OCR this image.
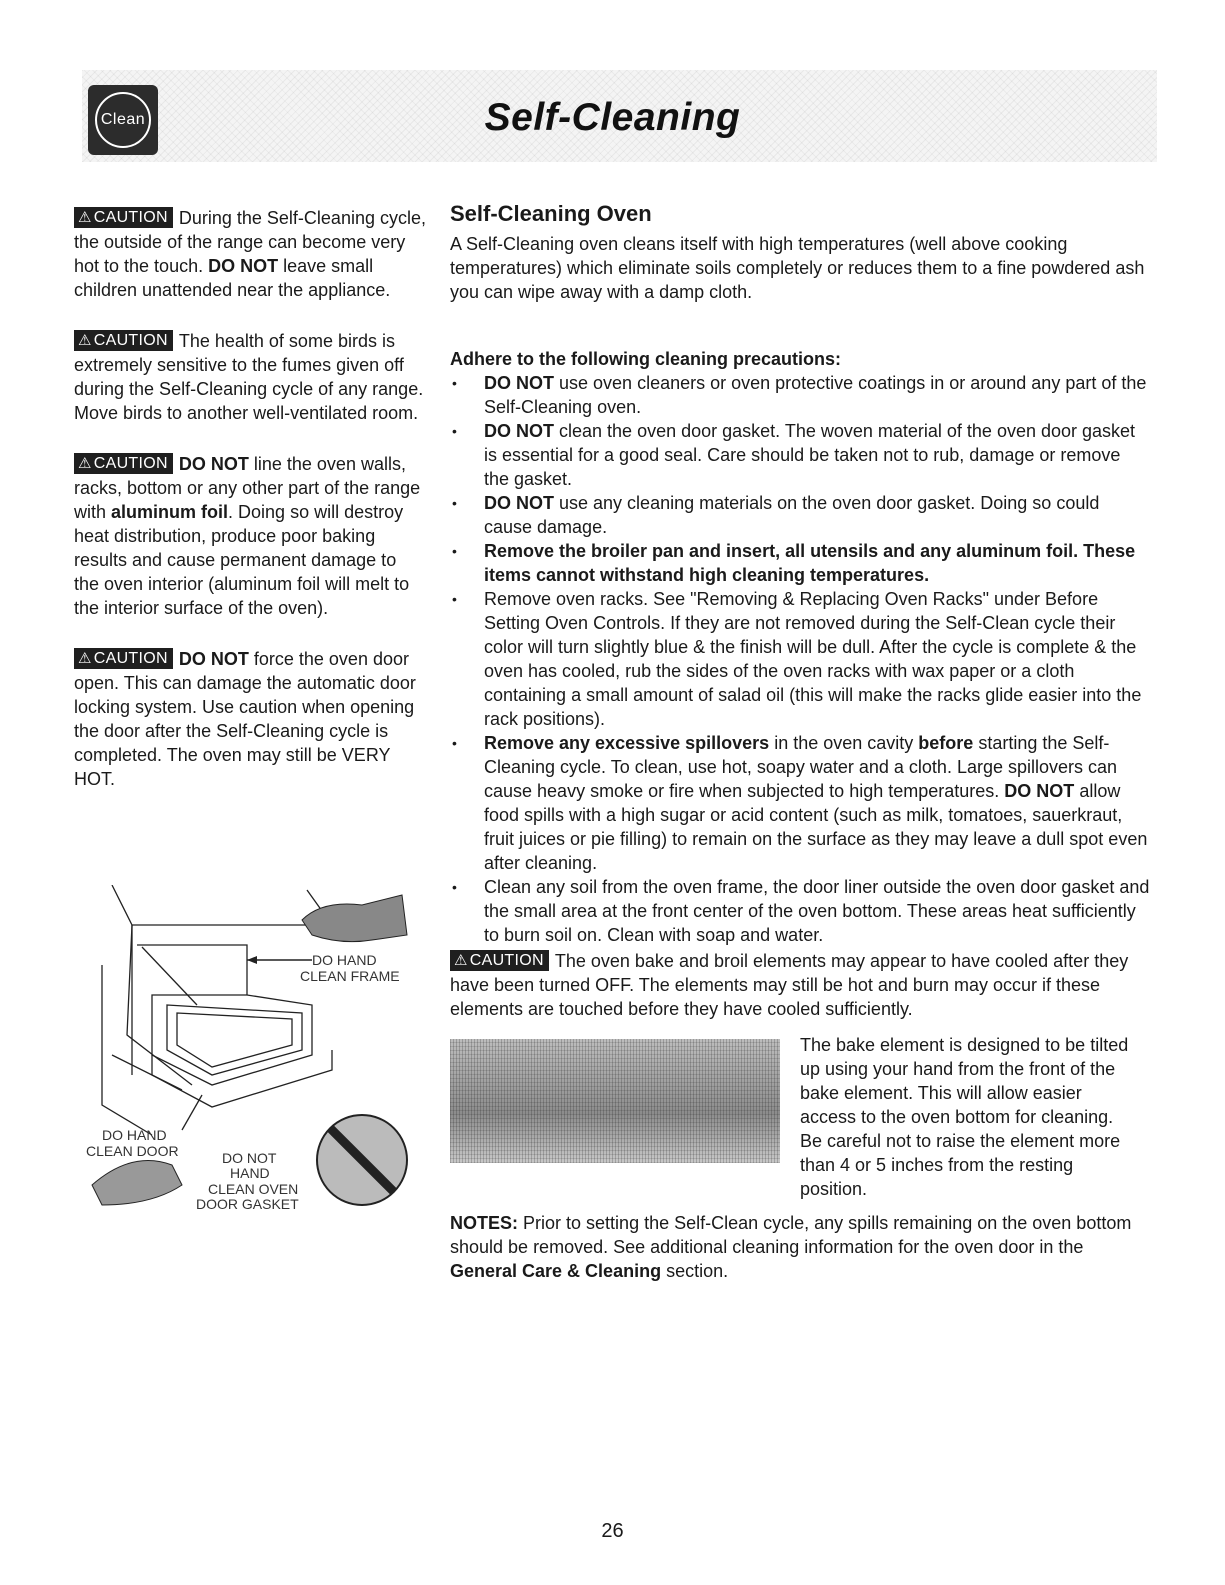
Clean	Self-Cleaning

⚠ CAUTION During the Self-Cleaning cycle, the outside of the range can become very hot to the touch. DO NOT leave small children unattended near the appliance.

⚠ CAUTION The health of some birds is extremely sensitive to the fumes given off during the Self-Cleaning cycle of any range. Move birds to another well-ventilated room.

⚠ CAUTION DO NOT line the oven walls, racks, bottom or any other part of the range with aluminum foil. Doing so will destroy heat distribution, produce poor baking results and cause permanent damage to the oven interior (aluminum foil will melt to the interior surface of the oven).

⚠ CAUTION DO NOT force the oven door open. This can damage the automatic door locking system. Use caution when opening the door after the Self-Cleaning cycle is completed. The oven may still be VERY HOT.

DO HAND
CLEAN FRAME
DO HAND
CLEAN DOOR	DO NOT
HAND
CLEAN OVEN
DOOR GASKET
Self-Cleaning Oven

A Self-Cleaning oven cleans itself with high temperatures (well above cooking temperatures) which eliminate soils completely or reduces them to a fine powdered ash you can wipe away with a damp cloth.

Adhere to the following cleaning precautions:

• DO NOT use oven cleaners or oven protective coatings in or around any part of the Self-Cleaning oven.
• DO NOT clean the oven door gasket. The woven material of the oven door gasket is essential for a good seal. Care should be taken not to rub, damage or remove the gasket.
• DO NOT use any cleaning materials on the oven door gasket. Doing so could cause damage.
• Remove the broiler pan and insert, all utensils and any aluminum foil. These items cannot withstand high cleaning temperatures.
• Remove oven racks. See "Removing & Replacing Oven Racks" under Before Setting Oven Controls. If they are not removed during the Self-Clean cycle their color will turn slightly blue & the finish will be dull. After the cycle is complete & the oven has cooled, rub the sides of the oven racks with wax paper or a cloth containing a small amount of salad oil (this will make the racks glide easier into the rack positions).
• Remove any excessive spillovers in the oven cavity before starting the Self-Cleaning cycle. To clean, use hot, soapy water and a cloth. Large spillovers can cause heavy smoke or fire when subjected to high temperatures. DO NOT allow food spills with a high sugar or acid content (such as milk, tomatoes, sauerkraut, fruit juices or pie filling) to remain on the surface as they may leave a dull spot even after cleaning.
• Clean any soil from the oven frame, the door liner outside the oven door gasket and the small area at the front center of the oven bottom. These areas heat sufficiently to burn soil on. Clean with soap and water.

⚠ CAUTION The oven bake and broil elements may appear to have cooled after they have been turned OFF. The elements may still be hot and burn may occur if these elements are touched before they have cooled sufficiently.

The bake element is designed to be tilted up using your hand from the front of the bake element. This will allow easier access to the oven bottom for cleaning. Be careful not to raise the element more than 4 or 5 inches from the resting position.

NOTES: Prior to setting the Self-Clean cycle, any spills remaining on the oven bottom should be removed. See additional cleaning information for the oven door in the General Care & Cleaning section.

26
